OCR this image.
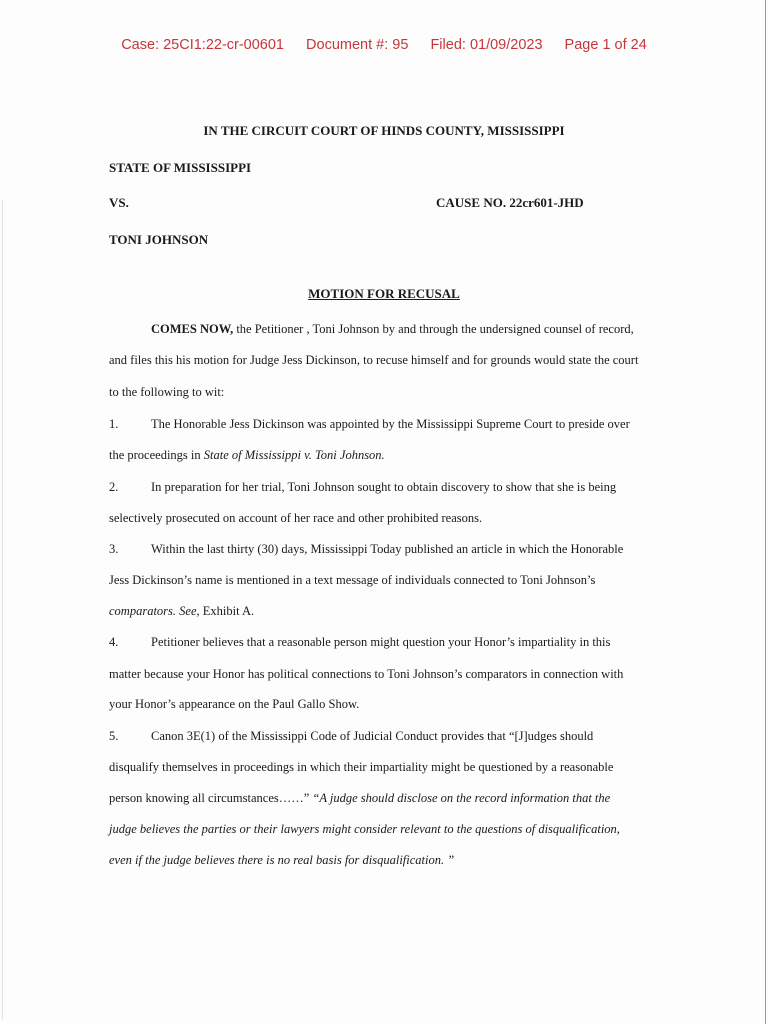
Case: 25CI1:22-cr-00601 Document #: 95 Filed: 01/09/2023 Page 1 of 24
IN THE CIRCUIT COURT OF HINDS COUNTY, MISSISSIPPI
STATE OF MISSISSIPPI
VS.	CAUSE NO. 22cr601-JHD
TONI JOHNSON
MOTION FOR RECUSAL
COMES NOW, the Petitioner , Toni Johnson by and through the undersigned counsel of record,
and files this his motion for Judge Jess Dickinson, to recuse himself and for grounds would state the court
to the following to wit:
1.	The Honorable Jess Dickinson was appointed by the Mississippi Supreme Court to preside over
the proceedings in State of Mississippi v. Toni Johnson.
2.	In preparation for her trial, Toni Johnson sought to obtain discovery to show that she is being
selectively prosecuted on account of her race and other prohibited reasons.
3.	Within the last thirty (30) days, Mississippi Today published an article in which the Honorable
Jess Dickinson’s name is mentioned in a text message of individuals connected to Toni Johnson’s
comparators. See, Exhibit A.
4.	Petitioner believes that a reasonable person might question your Honor’s impartiality in this
matter because your Honor has political connections to Toni Johnson’s comparators in connection with
your Honor’s appearance on the Paul Gallo Show.
5.	Canon 3E(1) of the Mississippi Code of Judicial Conduct provides that “[J]udges should
disqualify themselves in proceedings in which their impartiality might be questioned by a reasonable
person knowing all circumstances……” “A judge should disclose on the record information that the
judge believes the parties or their lawyers might consider relevant to the questions of disqualification,
even if the judge believes there is no real basis for disqualification. ”
